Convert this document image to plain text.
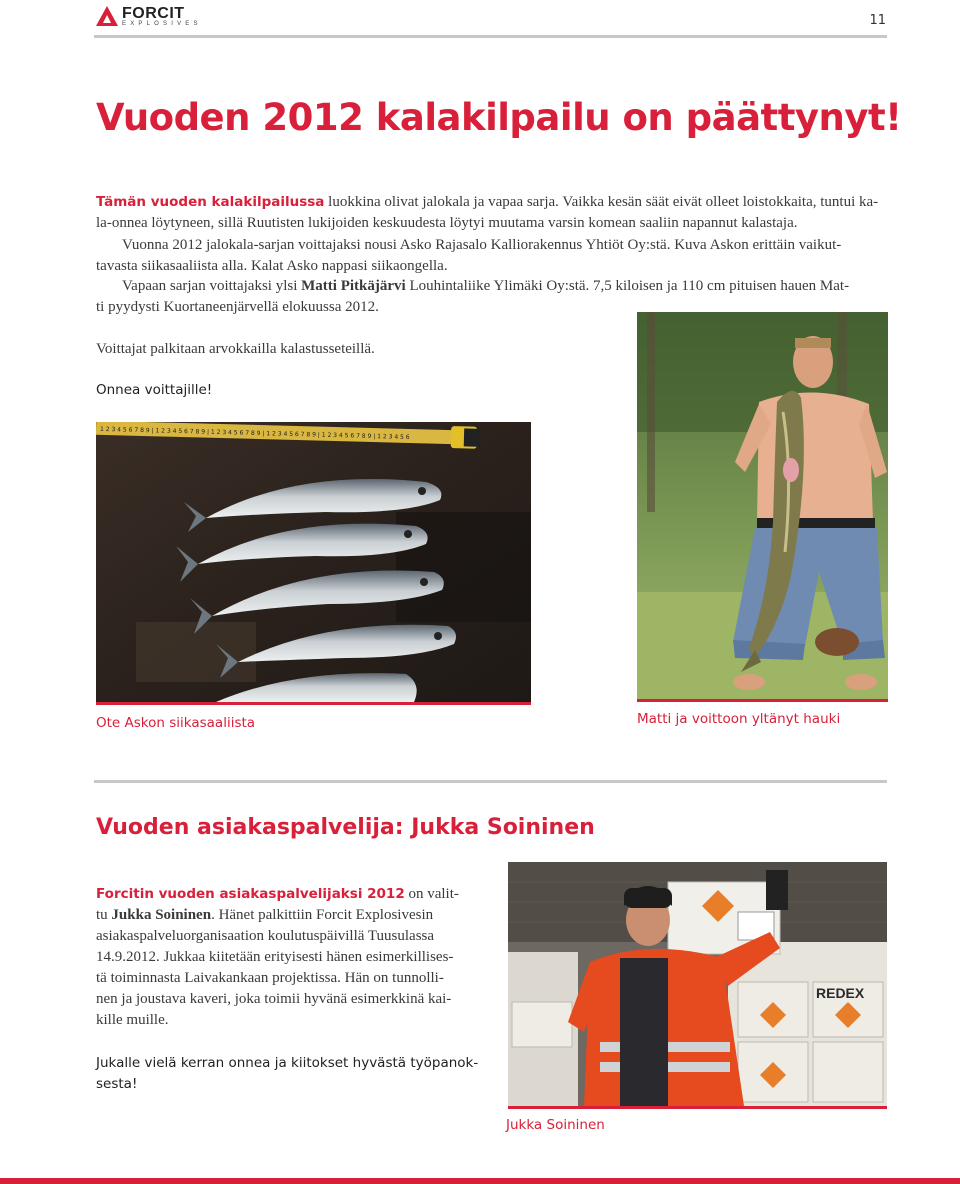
FORCIT
EXPLOSIVES	11
Vuoden 2012 kalakilpailu on päättynyt!
Tämän vuoden kalakilpailussa luokkina olivat jalokala ja vapaa sarja. Vaikka kesän säät eivät olleet loistokkaita, tuntui ka-
la-onnea löytyneen, sillä Ruutisten lukijoiden keskuudesta löytyi muutama varsin komean saaliin napannut kalastaja.
Vuonna 2012 jalokala-sarjan voittajaksi nousi Asko Rajasalo Kalliorakennus Yhtiöt Oy:stä. Kuva Askon erittäin vaikut-
tavasta siikasaaliista alla. Kalat Asko nappasi siikaongella.
Vapaan sarjan voittajaksi ylsi Matti Pitkäjärvi Louhintaliike Ylimäki Oy:stä. 7,5 kiloisen ja 110 cm pituisen hauen Mat-
ti pyydysti Kuortaneenjärvellä elokuussa 2012.
Voittajat palkitaan arvokkailla kalastusseteillä.
Onnea voittajille!
1 2 3 4 5 6 7 8 9 | 1 2 3 4 5 6 7 8 9 | 1 2 3 4 5 6 7 8 9 | 1 2 3 4 5 6 7 8 9 | 1 2 3 4 5 6 7 8 9 | 1 2 3 4 5 6
Ote Askon siikasaaliista	Matti ja voittoon yltänyt hauki
Vuoden asiakaspalvelija: Jukka Soininen
Forcitin vuoden asiakaspalvelijaksi 2012 on valit-
tu Jukka Soininen. Hänet palkittiin Forcit Explosivesin
asiakaspalveluorganisaation koulutuspäivillä Tuusulassa
14.9.2012. Jukkaa kiitetään erityisesti hänen esimerkillises-
tä toiminnasta Laivakankaan projektissa. Hän on tunnolli-
nen ja joustava kaveri, joka toimii hyvänä esimerkkinä kai-
kille muille.
Jukalle vielä kerran onnea ja kiitokset hyvästä työpanok-
sesta!
REDEX
Jukka Soininen
